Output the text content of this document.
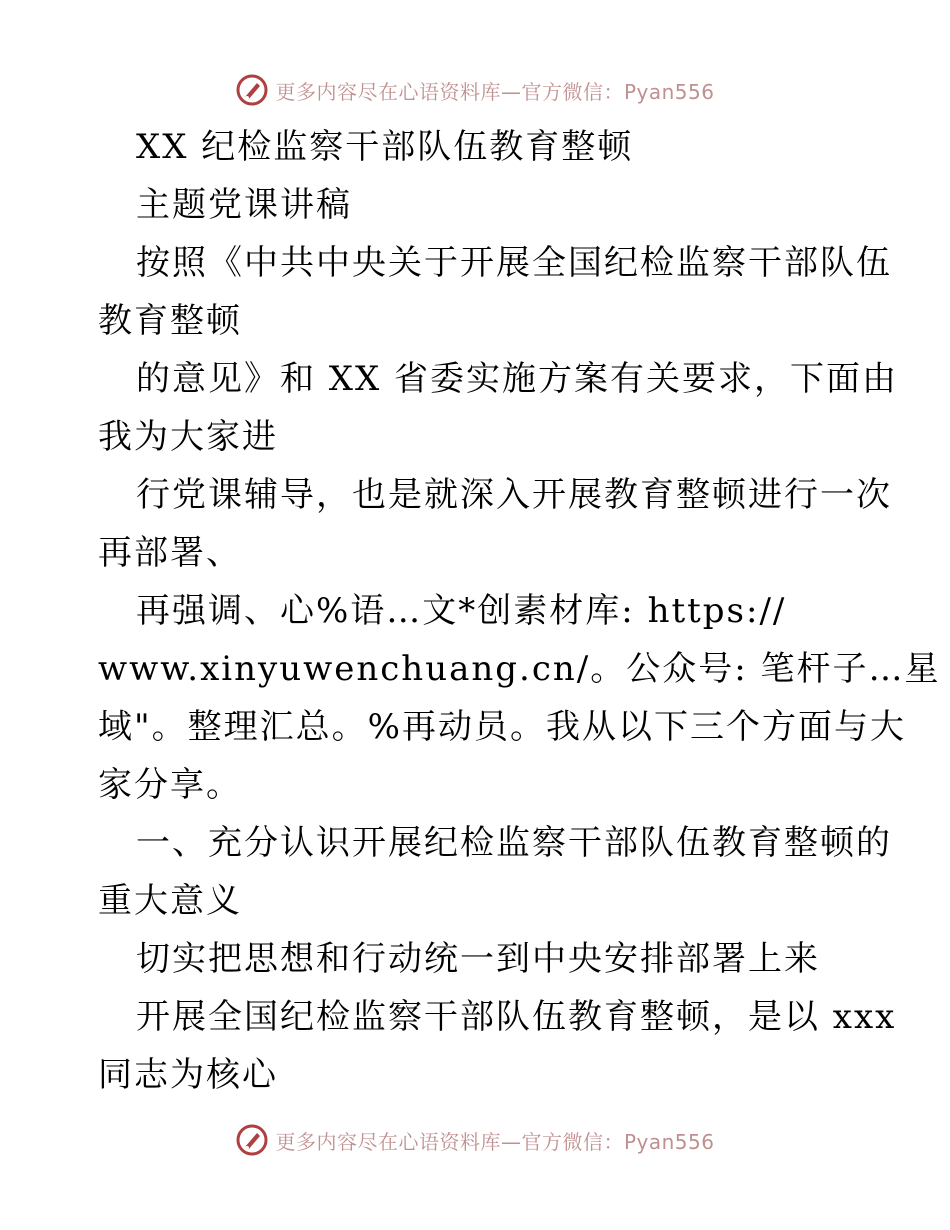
更多内容尽在心语资料库—官方微信：Pyan556
XX 纪检监察干部队伍教育整顿
主题党课讲稿
按照《中共中央关于开展全国纪检监察干部队伍
教育整顿
的意见》和 XX 省委实施方案有关要求，下面由
我为大家进
行党课辅导，也是就深入开展教育整顿进行一次
再部署、
再强调、心%语…文*创素材库: https://
www.xinyuwenchuang.cn/。公众号: 笔杆子…星
域"。整理汇总。%再动员。我从以下三个方面与大
家分享。
一、充分认识开展纪检监察干部队伍教育整顿的
重大意义
切实把思想和行动统一到中央安排部署上来
开展全国纪检监察干部队伍教育整顿，是以 xxx
同志为核心
更多内容尽在心语资料库—官方微信：Pyan556
